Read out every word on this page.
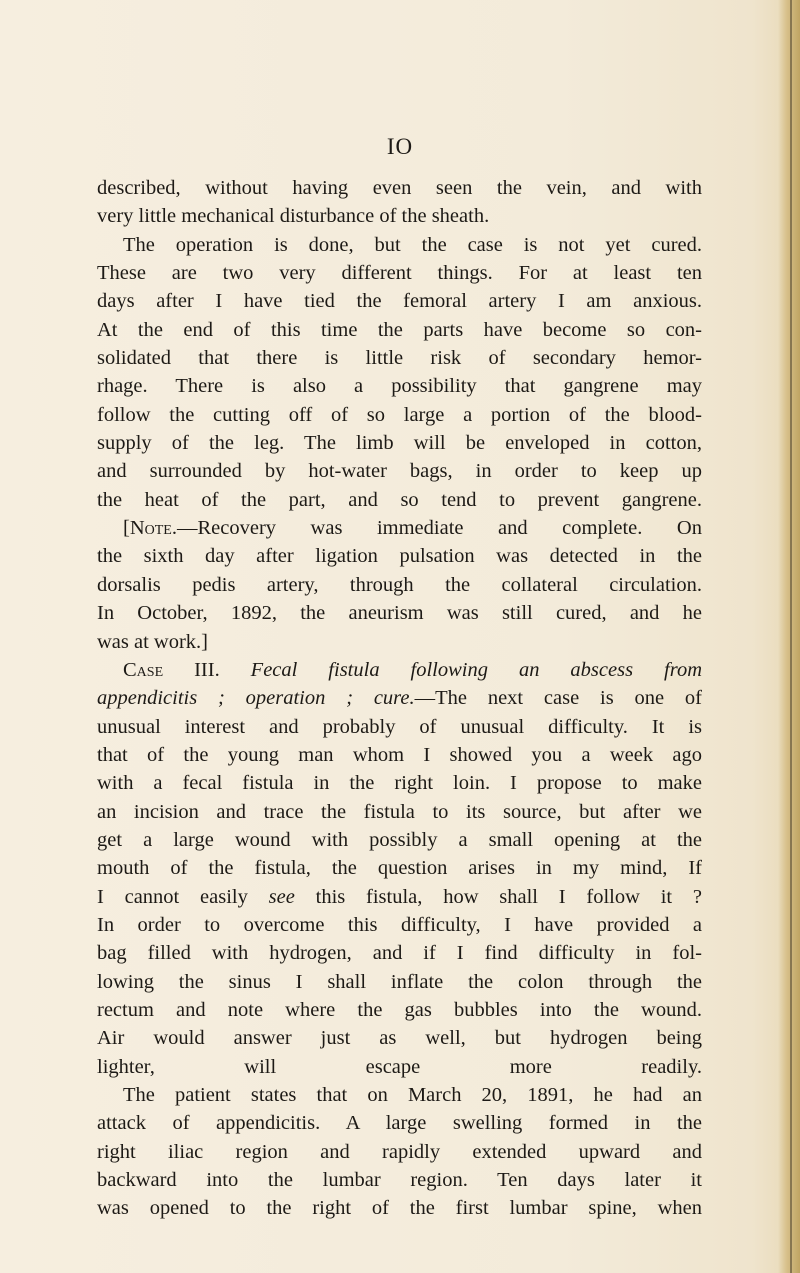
IO
described, without having even seen the vein, and with
very little mechanical disturbance of the sheath.
The operation is done, but the case is not yet cured.
These are two very different things. For at least ten
days after I have tied the femoral artery I am anxious.
At the end of this time the parts have become so con-
solidated that there is little risk of secondary hemor-
rhage. There is also a possibility that gangrene may
follow the cutting off of so large a portion of the blood-
supply of the leg. The limb will be enveloped in cotton,
and surrounded by hot-water bags, in order to keep up
the heat of the part, and so tend to prevent gangrene.
[Note.—Recovery was immediate and complete. On
the sixth day after ligation pulsation was detected in the
dorsalis pedis artery, through the collateral circulation.
In October, 1892, the aneurism was still cured, and he
was at work.]
Case III. Fecal fistula following an abscess from
appendicitis ; operation ; cure.—The next case is one of
unusual interest and probably of unusual difficulty. It is
that of the young man whom I showed you a week ago
with a fecal fistula in the right loin. I propose to make
an incision and trace the fistula to its source, but after we
get a large wound with possibly a small opening at the
mouth of the fistula, the question arises in my mind, If
I cannot easily see this fistula, how shall I follow it ?
In order to overcome this difficulty, I have provided a
bag filled with hydrogen, and if I find difficulty in fol-
lowing the sinus I shall inflate the colon through the
rectum and note where the gas bubbles into the wound.
Air would answer just as well, but hydrogen being
lighter, will escape more readily.
The patient states that on March 20, 1891, he had an
attack of appendicitis. A large swelling formed in the
right iliac region and rapidly extended upward and
backward into the lumbar region. Ten days later it
was opened to the right of the first lumbar spine, when
